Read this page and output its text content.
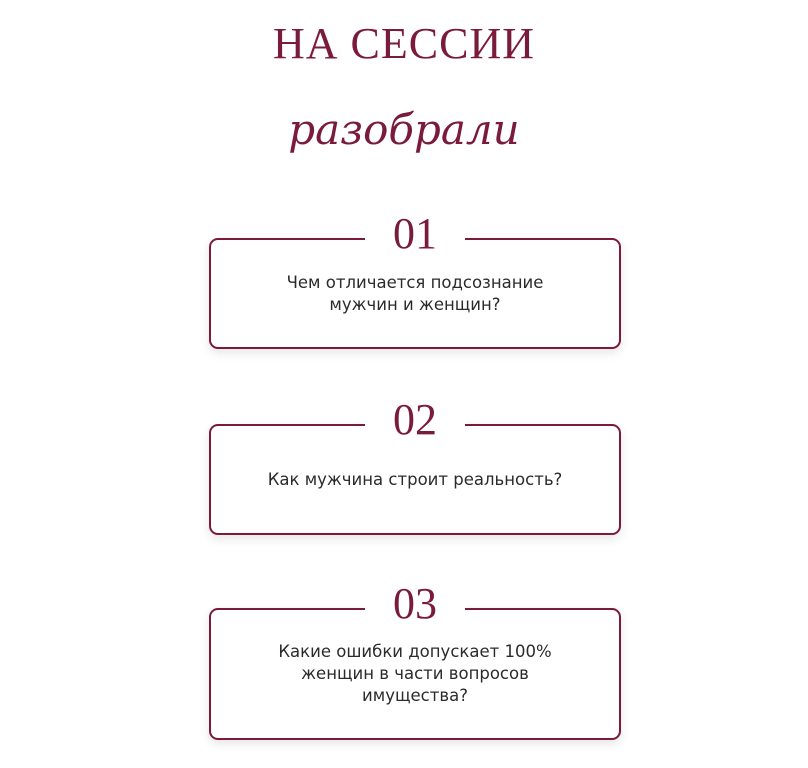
НА СЕССИИ
разобрали
01
Чем отличается подсознание мужчин и женщин?
02
Как мужчина строит реальность?
03
Какие ошибки допускает 100% женщин в части вопросов имущества?
